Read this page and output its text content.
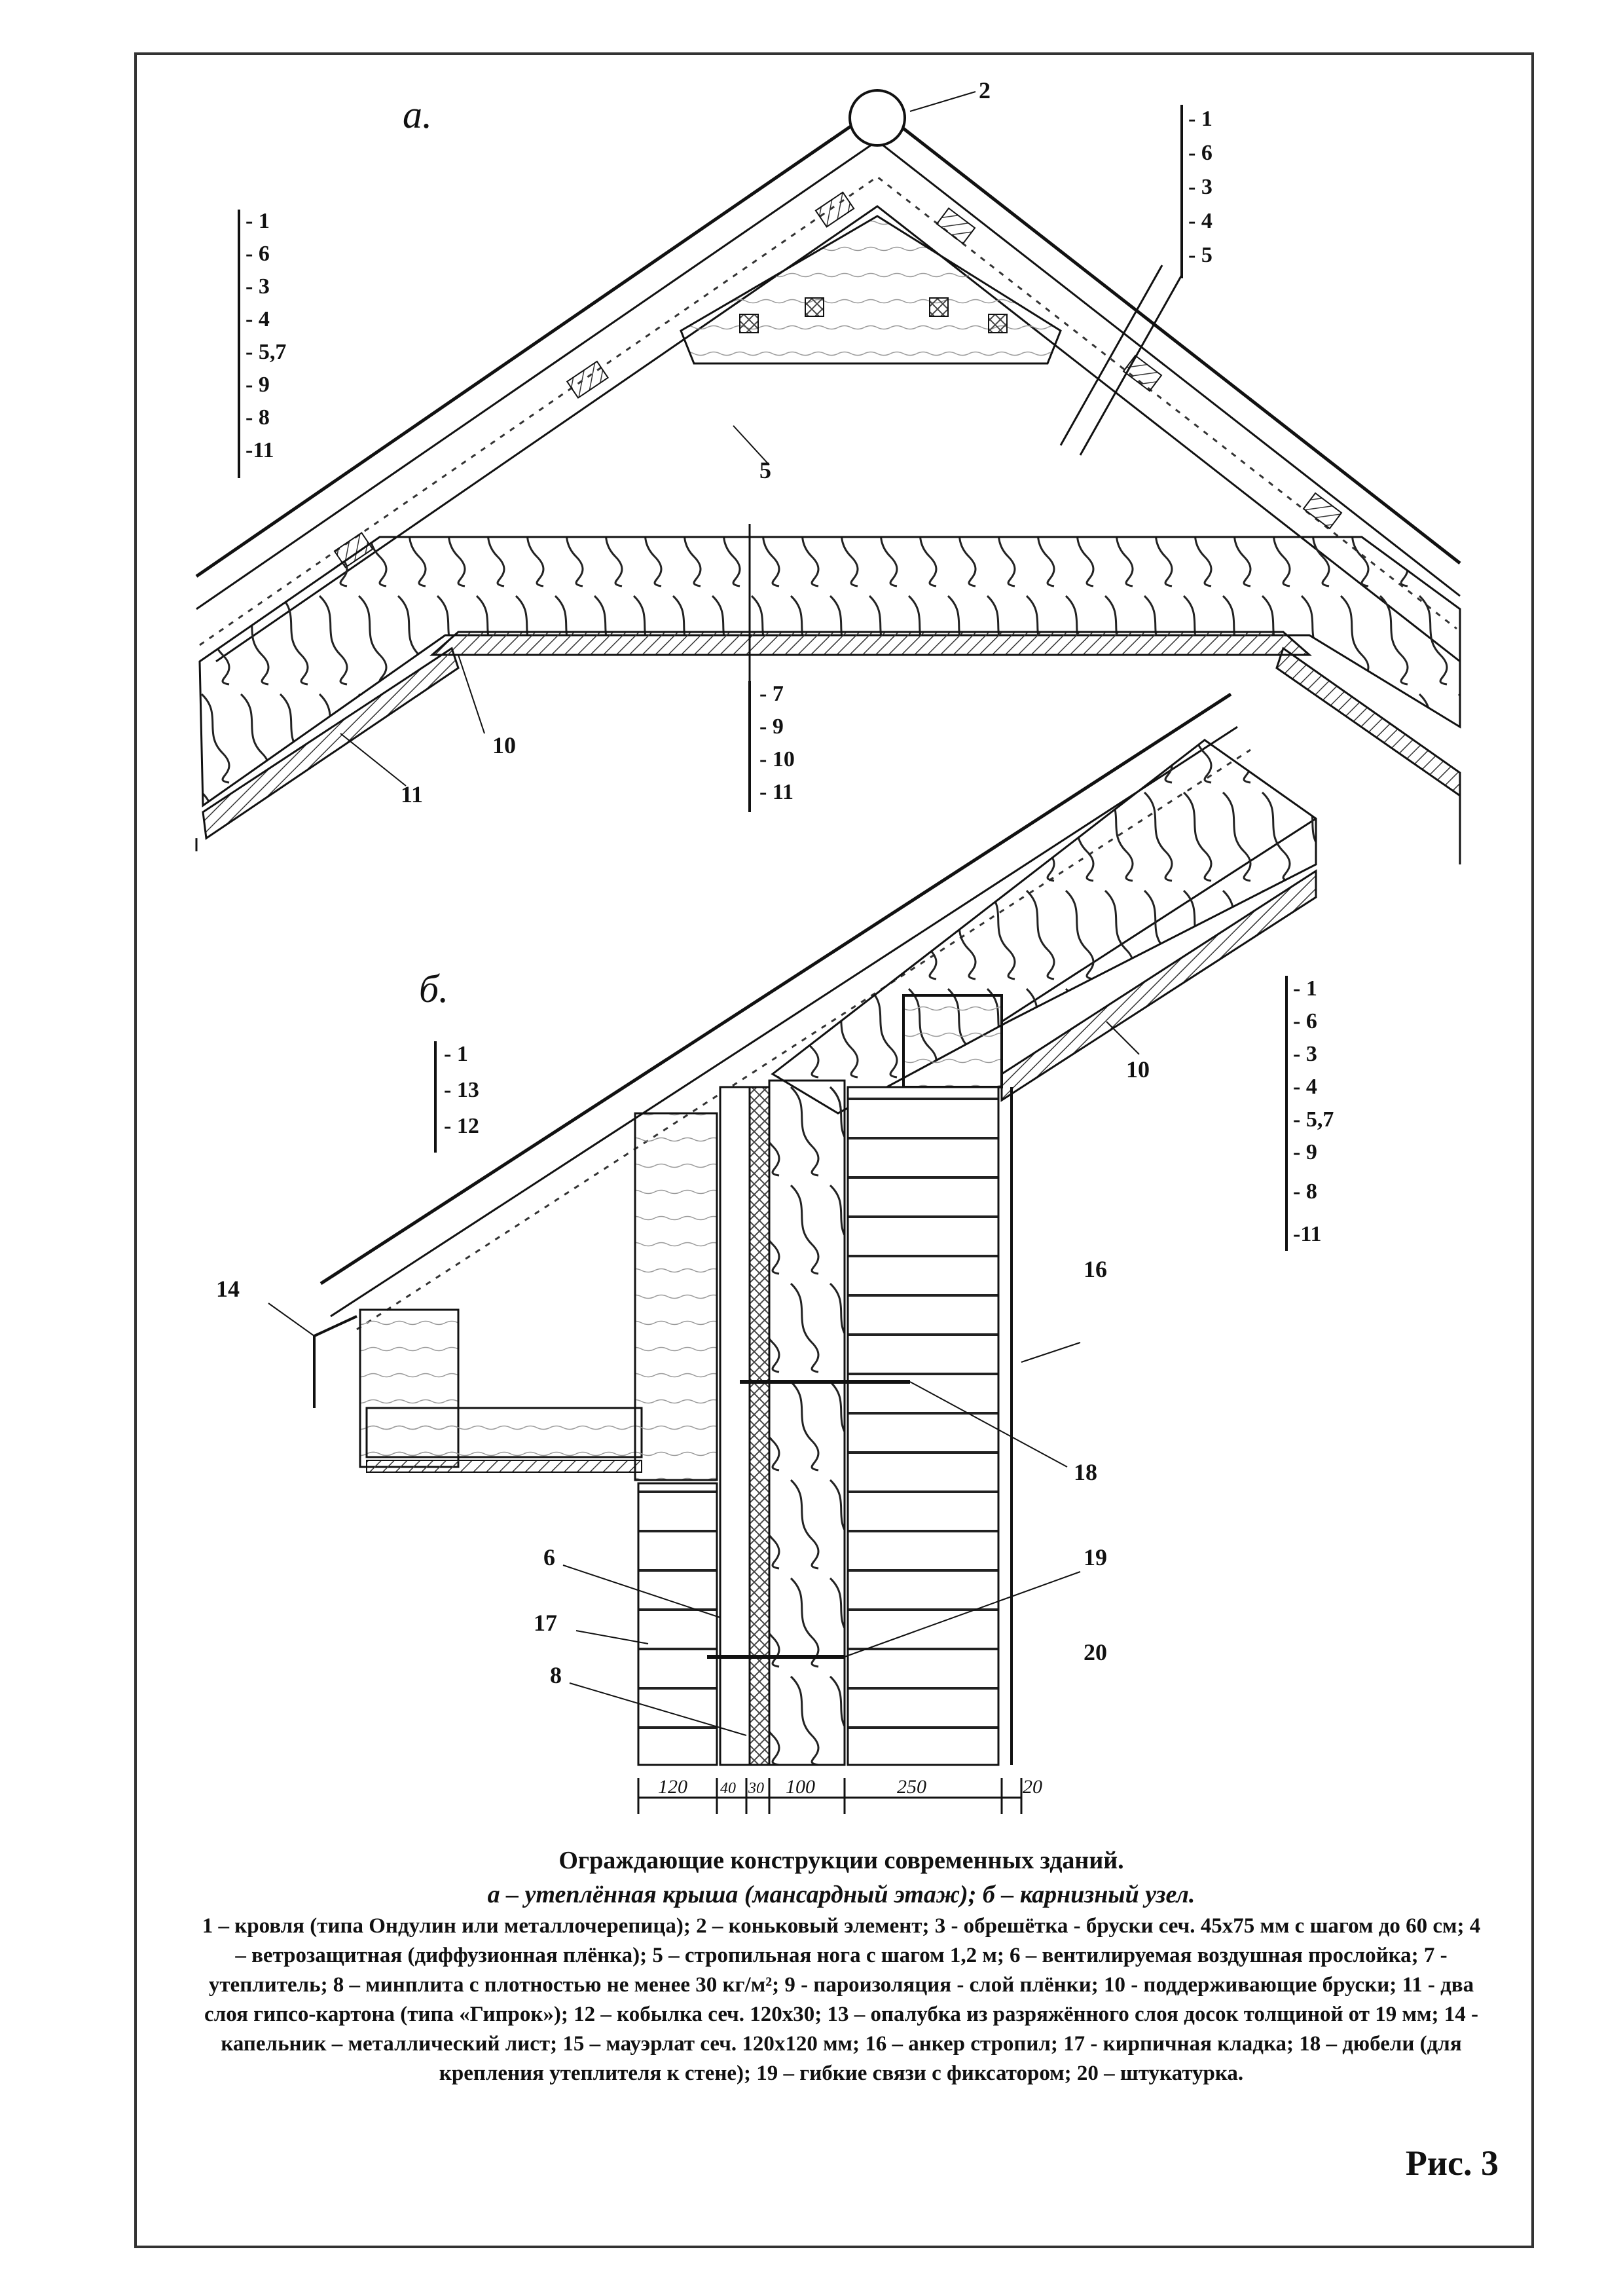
а.
2
5
10
11
- 1
- 6
- 3
- 4
- 5,7
- 9
- 8
-11
- 1
- 6
- 3
- 4
- 5
- 7
- 9
- 10
- 11
б.
- 1
- 13
- 12
- 1
- 6
- 3
- 4
- 5,7
- 9
- 8
-11
10
14
16
18
19
20
6
17
8
120 40 30 100	250	20
Ограждающие конструкции современных зданий.
а – утеплённая крыша (мансардный этаж); б – карнизный узел.
1 – кровля (типа Ондулин или металлочерепица); 2 – коньковый элемент; 3 - обрешётка - бруски сеч. 45x75 мм с шагом до 60 см; 4 – ветрозащитная (диффузионная плёнка); 5 – стропильная нога с шагом 1,2 м; 6 – вентилируемая воздушная прослойка; 7 - утеплитель; 8 – минплита с плотностью не менее 30 кг/м²; 9 - пароизоляция - слой плёнки; 10 - поддерживающие бруски; 11 - два слоя гипсо-картона (типа «Гипрок»); 12 – кобылка сеч. 120x30; 13 – опалубка из разряжённого слоя досок толщиной от 19 мм; 14 - капельник – металлический лист; 15 – мауэрлат сеч. 120x120 мм; 16 – анкер стропил; 17 - кирпичная кладка; 18 – дюбели (для крепления утеплителя к стене); 19 – гибкие связи с фиксатором; 20 – штукатурка.
Рис. 3
